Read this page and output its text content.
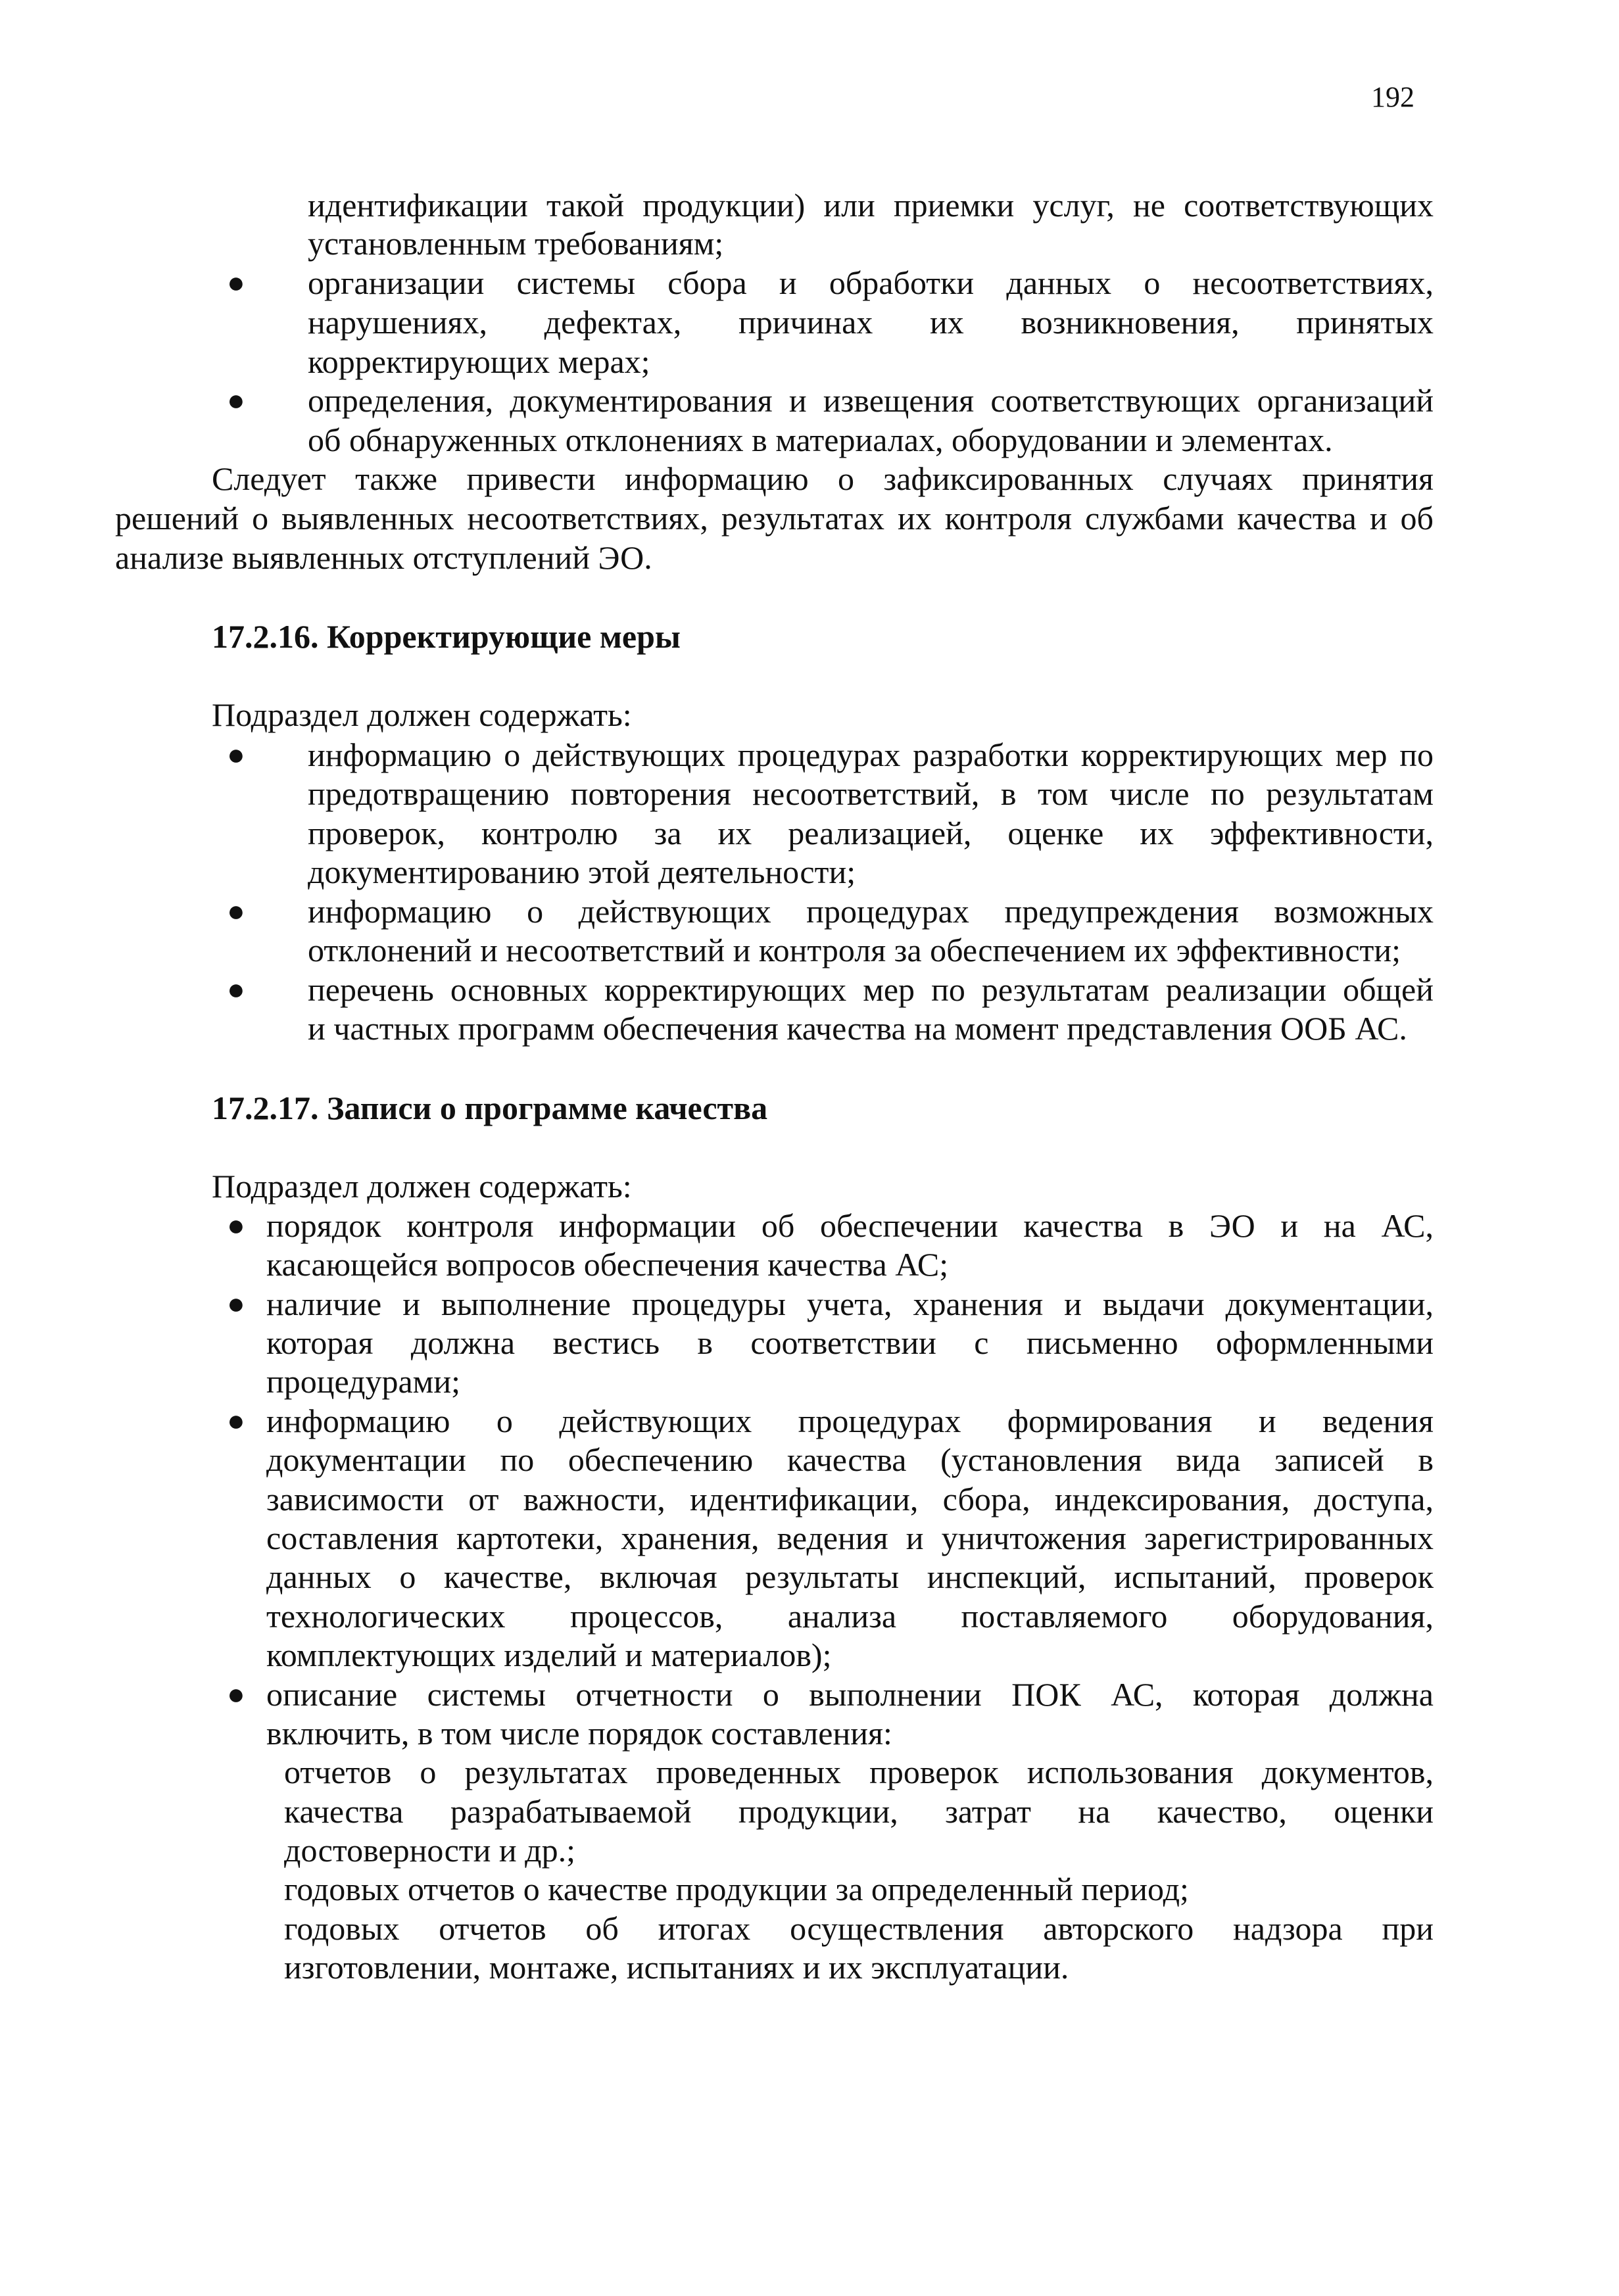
192
идентификации такой продукции) или приемки услуг, не соответствующих
установленным требованиям;
● организации системы сбора и обработки данных о несоответствиях,
нарушениях, дефектах, причинах их возникновения, принятых
корректирующих мерах;
● определения, документирования и извещения соответствующих организаций
об обнаруженных отклонениях в материалах, оборудовании и элементах.
Следует также привести информацию о зафиксированных случаях принятия
решений о выявленных несоответствиях, результатах их контроля службами качества и об
анализе выявленных отступлений ЭО.
17.2.16. Корректирующие меры
Подраздел должен содержать:
● информацию о действующих процедурах разработки корректирующих мер по
предотвращению повторения несоответствий, в том числе по результатам
проверок, контролю за их реализацией, оценке их эффективности,
документированию этой деятельности;
● информацию о действующих процедурах предупреждения возможных
отклонений и несоответствий и контроля за обеспечением их эффективности;
● перечень основных корректирующих мер по результатам реализации общей
и частных программ обеспечения качества на момент представления ООБ АС.
17.2.17. Записи о программе качества
Подраздел должен содержать:
● порядок контроля информации об обеспечении качества в ЭО и на АС,
касающейся вопросов обеспечения качества АС;
● наличие и выполнение процедуры учета, хранения и выдачи документации,
которая должна вестись в соответствии с письменно оформленными
процедурами;
● информацию о действующих процедурах формирования и ведения
документации по обеспечению качества (установления вида записей в
зависимости от важности, идентификации, сбора, индексирования, доступа,
составления картотеки, хранения, ведения и уничтожения зарегистрированных
данных о качестве, включая результаты инспекций, испытаний, проверок
технологических процессов, анализа поставляемого оборудования,
комплектующих изделий и материалов);
● описание системы отчетности о выполнении ПОК АС, которая должна
включить, в том числе порядок составления:
отчетов о результатах проведенных проверок использования документов,
качества разрабатываемой продукции, затрат на качество, оценки
достоверности и др.;
годовых отчетов о качестве продукции за определенный период;
годовых отчетов об итогах осуществления авторского надзора при
изготовлении, монтаже, испытаниях и их эксплуатации.
